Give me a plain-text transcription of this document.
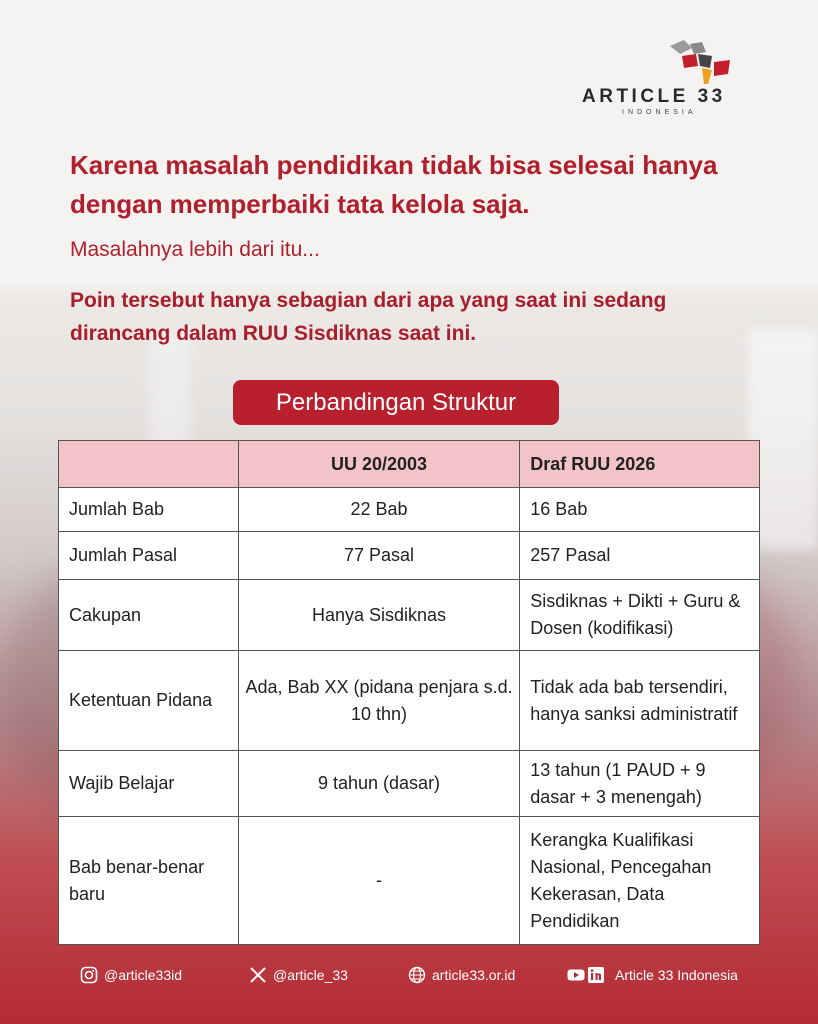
ARTICLE 33
INDONESIA
Karena masalah pendidikan tidak bisa selesai hanya dengan memperbaiki tata kelola saja.
Masalahnya lebih dari itu...
Poin tersebut hanya sebagian dari apa yang saat ini sedang dirancang dalam RUU Sisdiknas saat ini.
Perbandingan Struktur
	UU 20/2003	Draf RUU 2026
Jumlah Bab	22 Bab	16 Bab
Jumlah Pasal	77 Pasal	257 Pasal
Cakupan	Hanya Sisdiknas	Sisdiknas + Dikti + Guru & Dosen (kodifikasi)
Ketentuan Pidana	Ada, Bab XX (pidana penjara s.d. 10 thn)	Tidak ada bab tersendiri, hanya sanksi administratif
Wajib Belajar	9 tahun (dasar)	13 tahun (1 PAUD + 9 dasar + 3 menengah)
Bab benar-benar baru	-	Kerangka Kualifikasi Nasional, Pencegahan Kekerasan, Data Pendidikan
@article33id	@article_33	article33.or.id	Article 33 Indonesia
